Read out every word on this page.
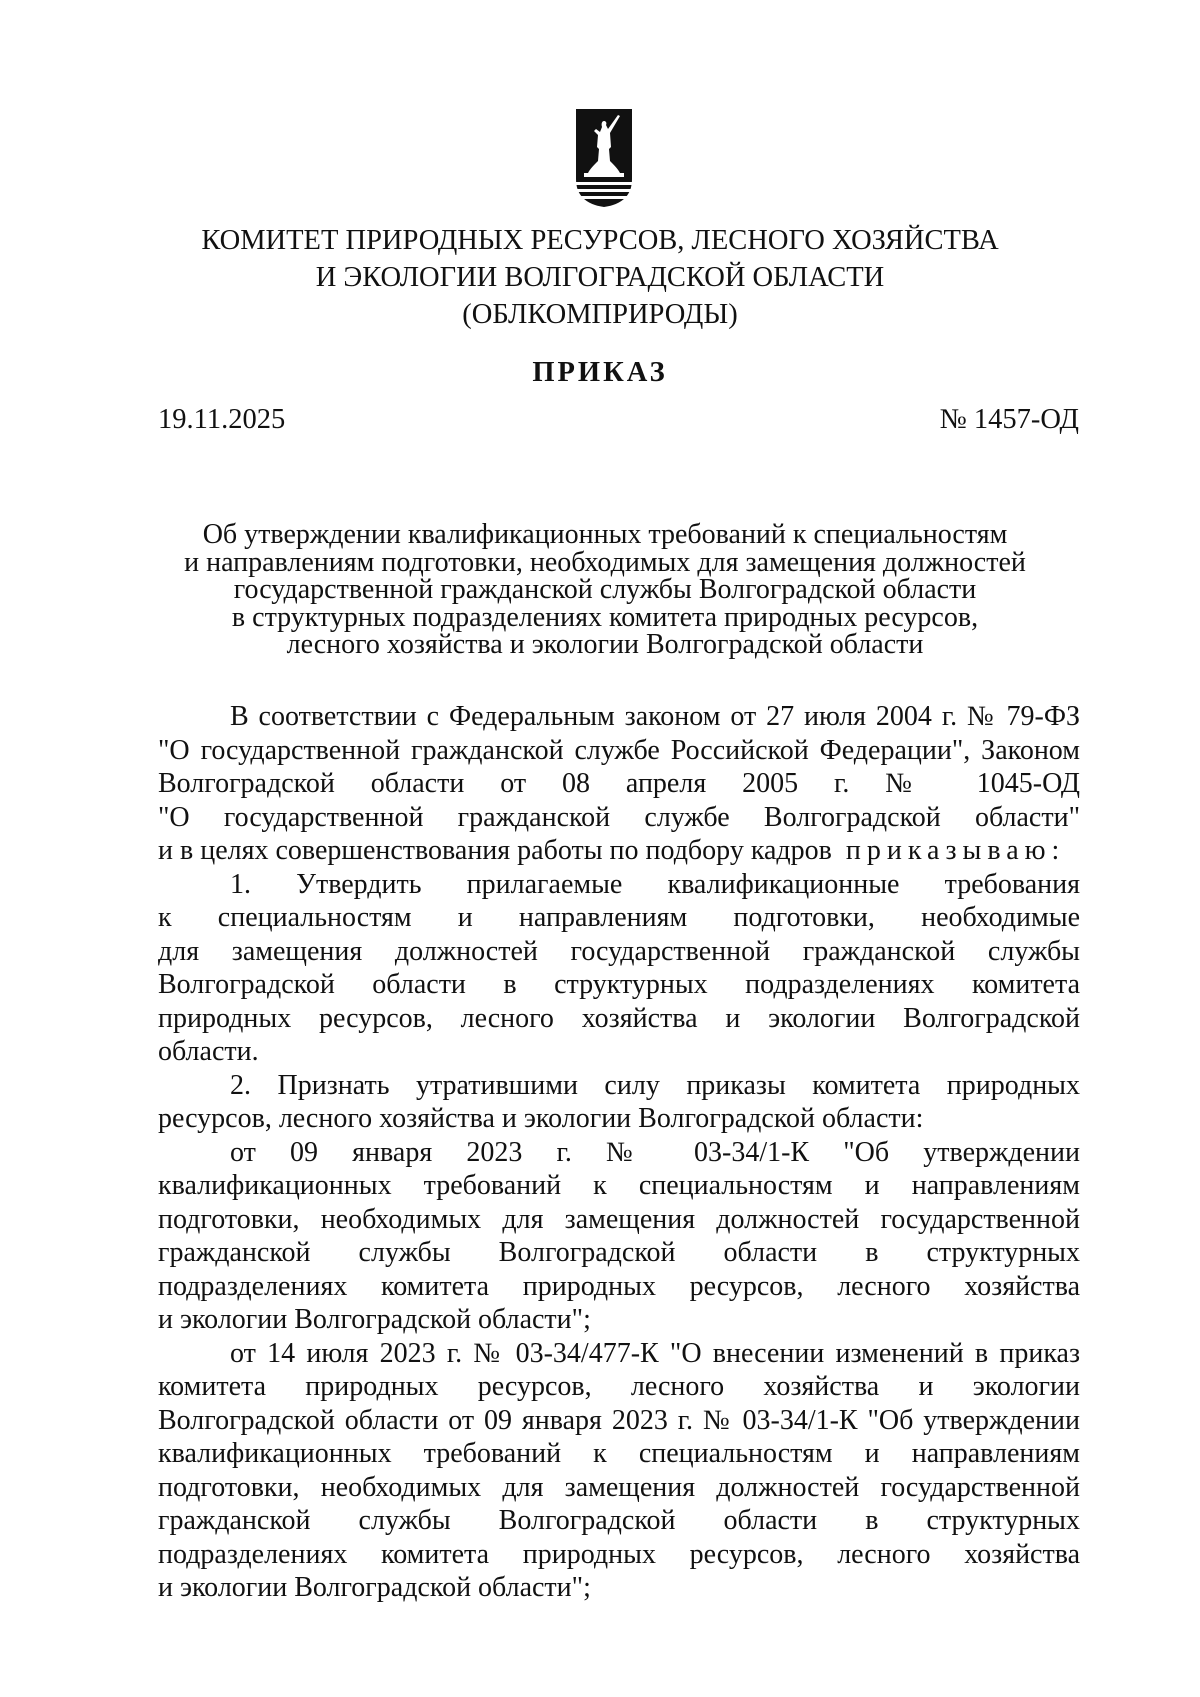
КОМИТЕТ ПРИРОДНЫХ РЕСУРСОВ, ЛЕСНОГО ХОЗЯЙСТВА
И ЭКОЛОГИИ ВОЛГОГРАДСКОЙ ОБЛАСТИ
(ОБЛКОМПРИРОДЫ)
ПРИКАЗ
19.11.2025	№ 1457-ОД
Об утверждении квалификационных требований к специальностям
и направлениям подготовки, необходимых для замещения должностей
государственной гражданской службы Волгоградской области
в структурных подразделениях комитета природных ресурсов,
лесного хозяйства и экологии Волгоградской области

В соответствии с Федеральным законом от 27 июля 2004 г. № 79-ФЗ

"О государственной гражданской службе Российской Федерации", Законом

Волгоградской области от 08 апреля 2005 г. № 1045-ОД

"О государственной гражданской службе Волгоградской области"

и в целях совершенствования работы по подбору кадров приказываю:

1. Утвердить прилагаемые квалификационные требования

к специальностям и направлениям подготовки, необходимые

для замещения должностей государственной гражданской службы

Волгоградской области в структурных подразделениях комитета

природных ресурсов, лесного хозяйства и экологии Волгоградской

области.

2. Признать утратившими силу приказы комитета природных

ресурсов, лесного хозяйства и экологии Волгоградской области:

от 09 января 2023 г. № 03-34/1-К "Об утверждении

квалификационных требований к специальностям и направлениям

подготовки, необходимых для замещения должностей государственной

гражданской службы Волгоградской области в структурных

подразделениях комитета природных ресурсов, лесного хозяйства

и экологии Волгоградской области";

от 14 июля 2023 г. № 03-34/477-К "О внесении изменений в приказ

комитета природных ресурсов, лесного хозяйства и экологии

Волгоградской области от 09 января 2023 г. № 03-34/1-К "Об утверждении

квалификационных требований к специальностям и направлениям

подготовки, необходимых для замещения должностей государственной

гражданской службы Волгоградской области в структурных

подразделениях комитета природных ресурсов, лесного хозяйства

и экологии Волгоградской области";
